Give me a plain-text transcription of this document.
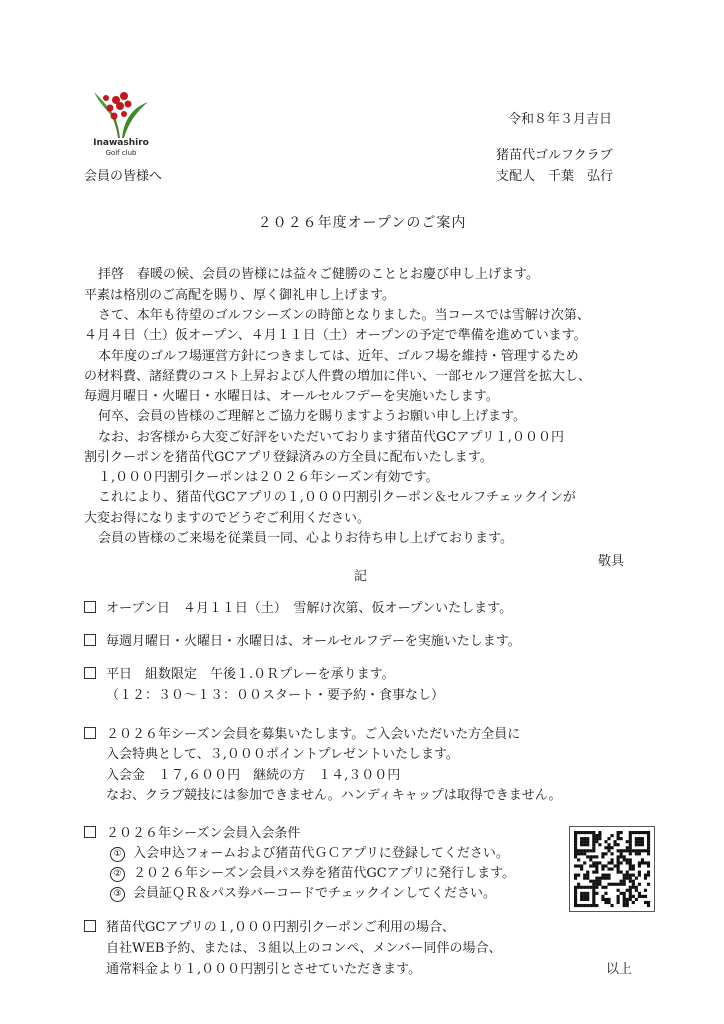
Inawashiro
Golf club
令和８年３月吉日
猪苗代ゴルフクラブ
支配人　千葉　弘行
会員の皆様へ
２０２６年度オープンのご案内
拝啓　春暖の候、会員の皆様には益々ご健勝のこととお慶び申し上げます。
平素は格別のご高配を賜り、厚く御礼申し上げます。
さて、本年も待望のゴルフシーズンの時節となりました。当コースでは雪解け次第、
４月４日（土）仮オープン、４月１１日（土）オープンの予定で準備を進めています。
本年度のゴルフ場運営方針につきましては、近年、ゴルフ場を維持・管理するため
の材料費、諸経費のコスト上昇および人件費の増加に伴い、一部セルフ運営を拡大し、
毎週月曜日・火曜日・水曜日は、オールセルフデーを実施いたします。
何卒、会員の皆様のご理解とご協力を賜りますようお願い申し上げます。
なお、お客様から大変ご好評をいただいております猪苗代GCアプリ１,０００円
割引クーポンを猪苗代GCアプリ登録済みの方全員に配布いたします。
１,０００円割引クーポンは２０２６年シーズン有効です。
これにより、猪苗代GCアプリの１,０００円割引クーポン＆セルフチェックインが
大変お得になりますのでどうぞご利用ください。
会員の皆様のご来場を従業員一同、心よりお待ち申し上げております。
敬具
記
オープン日　４月１１日（土）　雪解け次第、仮オープンいたします。
毎週月曜日・火曜日・水曜日は、オールセルフデーを実施いたします。
平日　組数限定　午後１.０Ｒプレーを承ります。
（１２：３０～１３：００スタート・要予約・食事なし）
２０２６年シーズン会員を募集いたします。ご入会いただいた方全員に
入会特典として、３,０００ポイントプレゼントいたします。
入会金　１７,６００円　継続の方　１４,３００円
なお、クラブ競技には参加できません。ハンディキャップは取得できません。
２０２６年シーズン会員入会条件
① 入会申込フォームおよび猪苗代ＧＣアプリに登録してください。
② ２０２６年シーズン会員パス券を猪苗代GCアプリに発行します。
③ 会員証ＱＲ＆パス券バーコードでチェックインしてください。
猪苗代GCアプリの１,０００円割引クーポンご利用の場合、
自社WEB予約、または、３組以上のコンペ、メンバー同伴の場合、
通常料金より１,０００円割引とさせていただきます。	以上
